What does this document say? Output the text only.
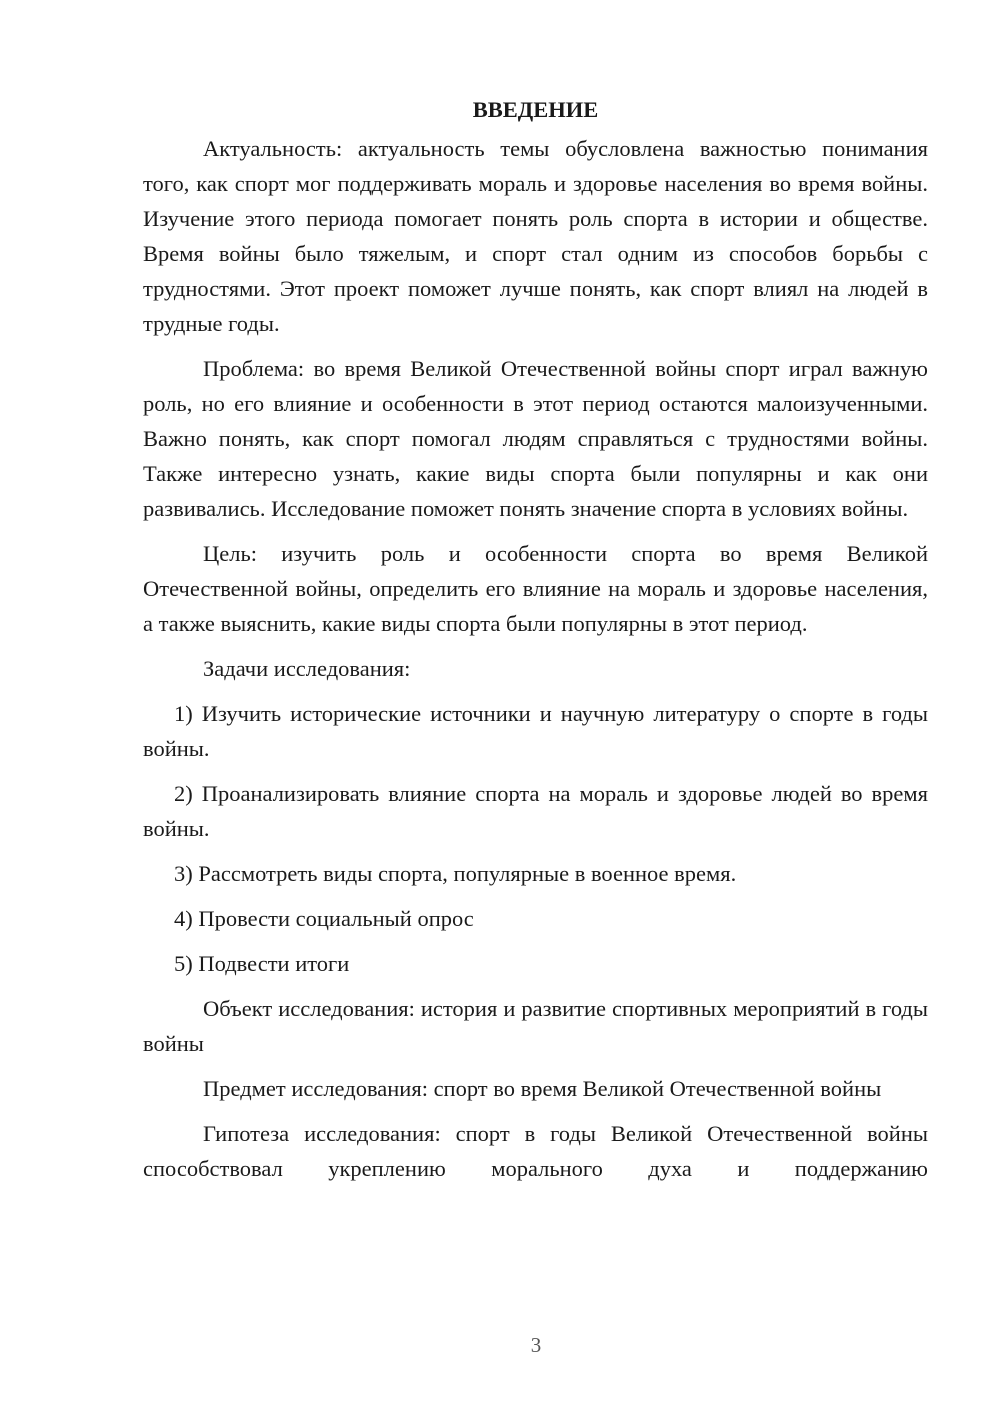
ВВЕДЕНИЕ

Актуальность: актуальность темы обусловлена важностью понимания того, как спорт мог поддерживать мораль и здоровье населения во время войны. Изучение этого периода помогает понять роль спорта в истории и обществе. Время войны было тяжелым, и спорт стал одним из способов борьбы с трудностями. Этот проект поможет лучше понять, как спорт влиял на людей в трудные годы.

Проблема: во время Великой Отечественной войны спорт играл важную роль, но его влияние и особенности в этот период остаются малоизученными. Важно понять, как спорт помогал людям справляться с трудностями войны. Также интересно узнать, какие виды спорта были популярны и как они развивались. Исследование поможет понять значение спорта в условиях войны.

Цель: изучить роль и особенности спорта во время Великой Отечественной войны, определить его влияние на мораль и здоровье населения, а также выяснить, какие виды спорта были популярны в этот период.

Задачи исследования:

1) Изучить исторические источники и научную литературу о спорте в годы войны.

2) Проанализировать влияние спорта на мораль и здоровье людей во время войны.

3) Рассмотреть виды спорта, популярные в военное время.

4) Провести социальный опрос

5) Подвести итоги

Объект исследования: история и развитие спортивных мероприятий в годы войны

Предмет исследования: спорт во время Великой Отечественной войны

Гипотеза исследования: спорт в годы Великой Отечественной войны способствовал укреплению морального духа и поддержанию

3
